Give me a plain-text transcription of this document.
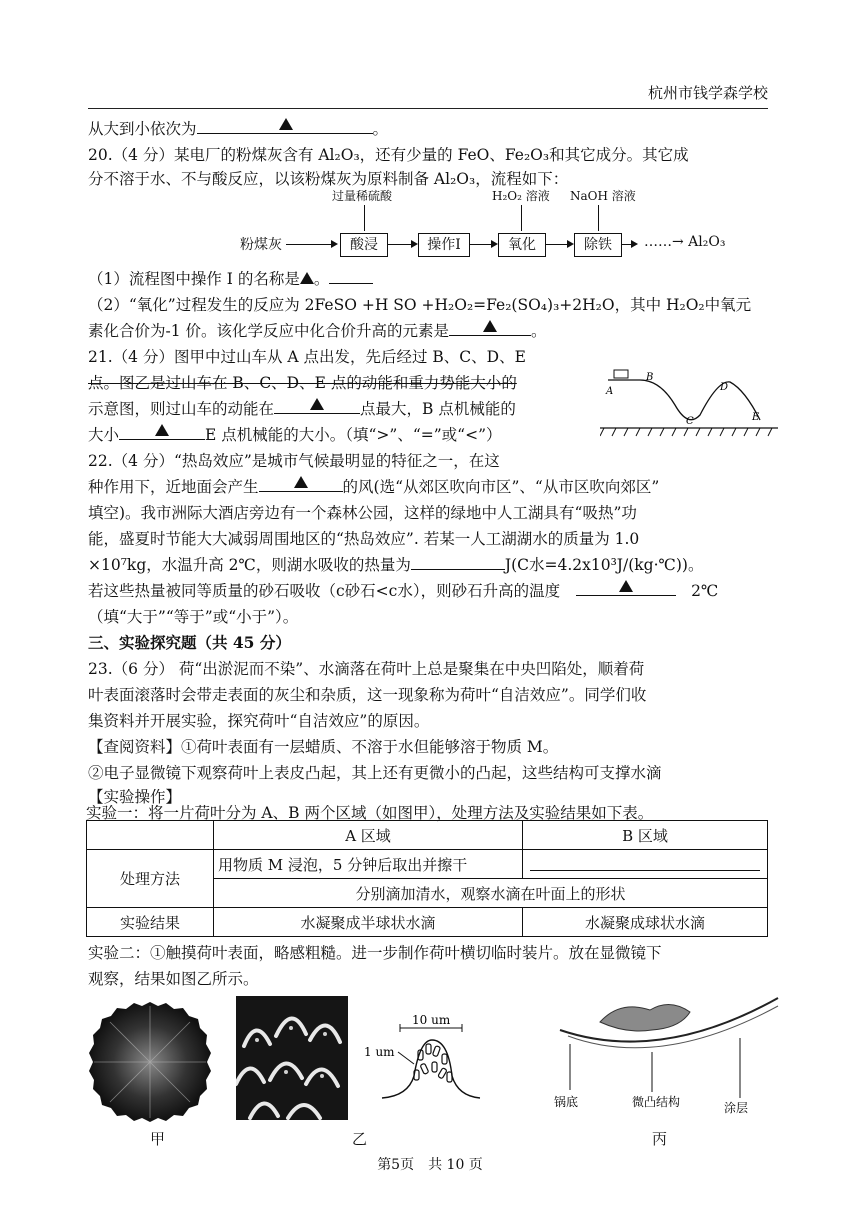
杭州市钱学森学校
从大到小依次为	。
20.（4 分）某电厂的粉煤灰含有 Al₂O₃，还有少量的 FeO、Fe₂O₃和其它成分。其它成
分不溶于水、不与酸反应，以该粉煤灰为原料制备 Al₂O₃，流程如下：
过量稀硫酸	H₂O₂ 溶液 NaOH 溶液
粉煤灰	酸浸	操作I	氧化	除铁	……→ Al₂O₃
（1）流程图中操作 I 的名称是 。
（2）“氧化”过程发生的反应为 2FeSO +H SO +H₂O₂=Fe₂(SO₄)₃+2H₂O，其中 H₂O₂中氧元
素化合价为-1 价。该化学反应中化合价升高的元素是	。
21.（4 分）图甲中过山车从 A 点出发，先后经过 B、C、D、E
点。图乙是过山车在 B、C、D、E 点的动能和重力势能大小的
示意图，则过山车的动能在	点最大，B 点机械能的
大小	E 点机械能的大小。（填“>”、“=”或“<”）
A
B
C
D
E
22.（4 分）“热岛效应”是城市气候最明显的特征之一，在这
种作用下，近地面会产生	的风(选“从郊区吹向市区”、“从市区吹向郊区”
填空)。我市洲际大酒店旁边有一个森林公园，这样的绿地中人工湖具有“吸热”功
能，盛夏时节能大大减弱周围地区的“热岛效应”. 若某一人工湖湖水的质量为 1.0
×10⁷kg，水温升高 2℃，则湖水吸收的热量为	J(C水=4.2x10³J/(kg·℃))。
若这些热量被同等质量的砂石吸收（c砂石<c水），则砂石升高的温度　
　	2℃
（填“大于”“等于”或“小于”）。
三、实验探究题（共 45 分）
23.（6 分） 荷“出淤泥而不染”、水滴落在荷叶上总是聚集在中央凹陷处，顺着荷
叶表面滚落时会带走表面的灰尘和杂质，这一现象称为荷叶“自洁效应”。同学们收
集资料并开展实验，探究荷叶“自洁效应”的原因。
【查阅资料】①荷叶表面有一层蜡质、不溶于水但能够溶于物质 M。
②电子显微镜下观察荷叶上表皮凸起，其上还有更微小的凸起，这些结构可支撑水滴
【实验操作】
实验一：将一片荷叶分为 A、B 两个区域（如图甲），处理方法及实验结果如下表。
	A 区域	B 区域
处理方法	用物质 M 浸泡，5 分钟后取出并擦干	
	分别滴加清水，观察水滴在叶面上的形状	
实验结果	水凝聚成半球状水滴	水凝聚成球状水滴
实验二：①触摸荷叶表面，略感粗糙。进一步制作荷叶横切临时装片。放在显微镜下
观察，结果如图乙所示。
10 um
1 um
锅底	微凸结构	涂层
甲	乙	丙
第5页　共 10 页
